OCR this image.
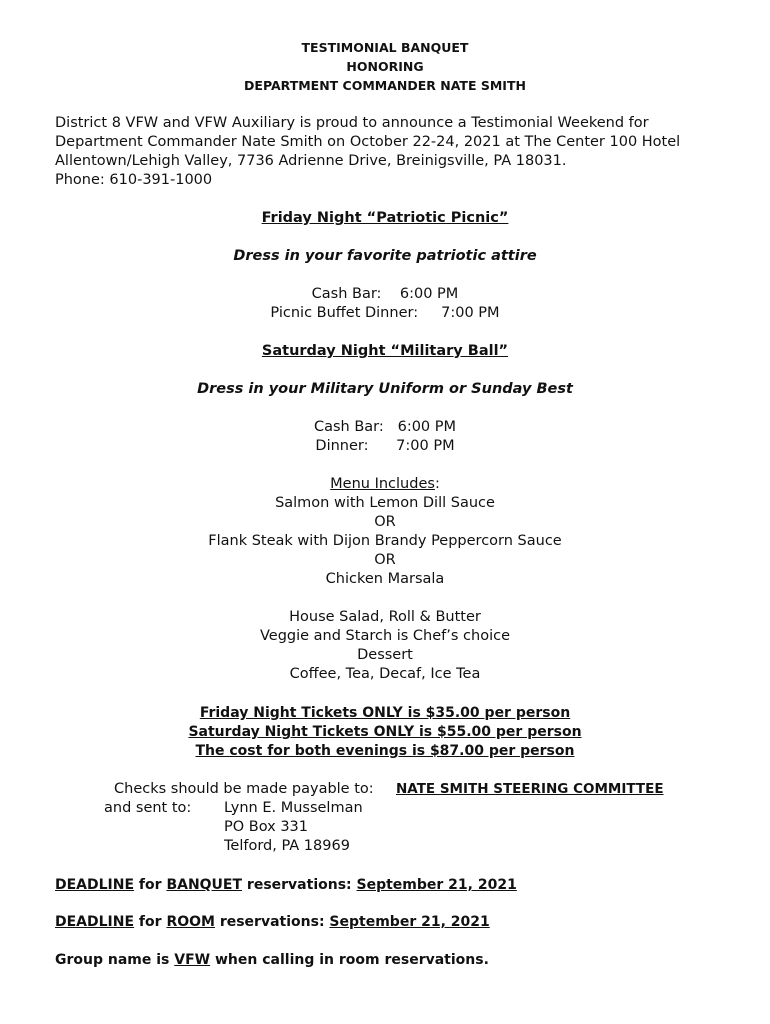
TESTIMONIAL BANQUET
HONORING
DEPARTMENT COMMANDER NATE SMITH
District 8 VFW and VFW Auxiliary is proud to announce a Testimonial Weekend for
Department Commander Nate Smith on October 22-24, 2021 at The Center 100 Hotel
Allentown/Lehigh Valley, 7736 Adrienne Drive, Breinigsville, PA 18031.
Phone: 610-391-1000
Friday Night “Patriotic Picnic”
Dress in your favorite patriotic attire
Cash Bar: 6:00 PM
Picnic Buffet Dinner: 7:00 PM
Saturday Night “Military Ball”
Dress in your Military Uniform or Sunday Best
Cash Bar: 6:00 PM
Dinner: 7:00 PM
Menu Includes:
Salmon with Lemon Dill Sauce
OR
Flank Steak with Dijon Brandy Peppercorn Sauce
OR
Chicken Marsala
House Salad, Roll & Butter
Veggie and Starch is Chef’s choice
Dessert
Coffee, Tea, Decaf, Ice Tea
Friday Night Tickets ONLY is $35.00 per person
Saturday Night Tickets ONLY is $55.00 per person
The cost for both evenings is $87.00 per person
Checks should be made payable to: NATE SMITH STEERING COMMITTEE
and sent to: Lynn E. Musselman
PO Box 331
Telford, PA 18969
DEADLINE for BANQUET reservations: September 21, 2021
DEADLINE for ROOM reservations: September 21, 2021
Group name is VFW when calling in room reservations.
